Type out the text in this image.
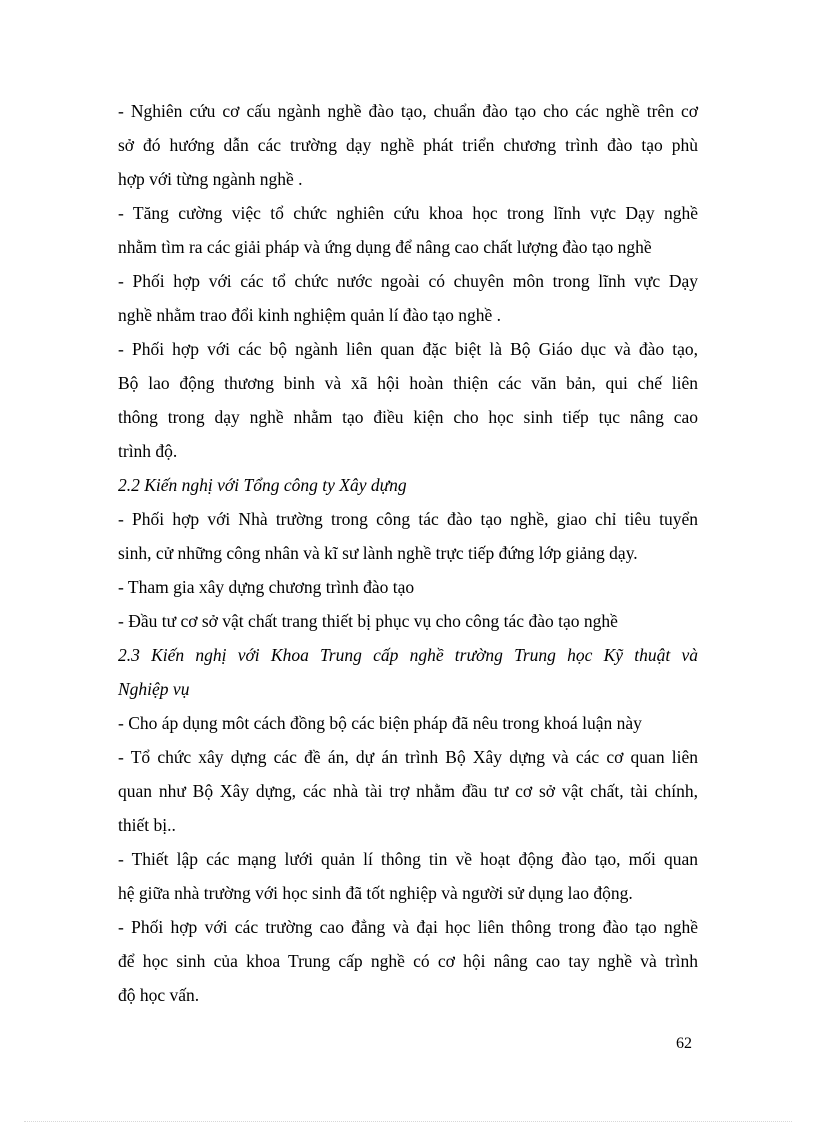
- Nghiên cứu cơ cấu ngành nghề đào tạo, chuẩn đào tạo cho các nghề trên cơ
sở đó hướng dẫn các trường dạy nghề phát triển chương trình đào tạo phù
hợp với từng ngành nghề .
- Tăng cường việc tổ chức nghiên cứu khoa học trong lĩnh vực Dạy nghề
nhằm tìm ra các giải pháp và ứng dụng để nâng cao chất lượng đào tạo nghề
- Phối hợp với các tổ chức nước ngoài có chuyên môn trong lĩnh vực Dạy
nghề nhằm trao đổi kinh nghiệm quản lí đào tạo nghề .
- Phối hợp với các bộ ngành liên quan đặc biệt là Bộ Giáo dục và đào tạo,
Bộ lao động thương binh và xã hội hoàn thiện các văn bản, qui chế liên
thông trong dạy nghề nhằm tạo điều kiện cho học sinh tiếp tục nâng cao
trình độ.
2.2 Kiến nghị với Tổng công ty Xây dựng
- Phối hợp với Nhà trường trong công tác đào tạo nghề, giao chỉ tiêu tuyển
sinh, cử những công nhân và kĩ sư lành nghề trực tiếp đứng lớp giảng dạy.
- Tham gia xây dựng chương trình đào tạo
- Đầu tư cơ sở vật chất trang thiết bị phục vụ cho công tác đào tạo nghề
2.3 Kiến nghị với Khoa Trung cấp nghề trường Trung học Kỹ thuật và
Nghiệp vụ
- Cho áp dụng môt cách đồng bộ các biện pháp đã nêu trong khoá luận này
- Tổ chức xây dựng các đề án, dự án trình Bộ Xây dựng và các cơ quan liên
quan như Bộ Xây dựng, các nhà tài trợ nhằm đầu tư cơ sở vật chất, tài chính,
thiết bị..
- Thiết lập các mạng lưới quản lí thông tin về hoạt động đào tạo, mối quan
hệ giữa nhà trường với học sinh đã tốt nghiệp và người sử dụng lao động.
- Phối hợp với các trường cao đẳng và đại học liên thông trong đào tạo nghề
để học sinh của khoa Trung cấp nghề có cơ hội nâng cao tay nghề và trình
độ học vấn.
62
